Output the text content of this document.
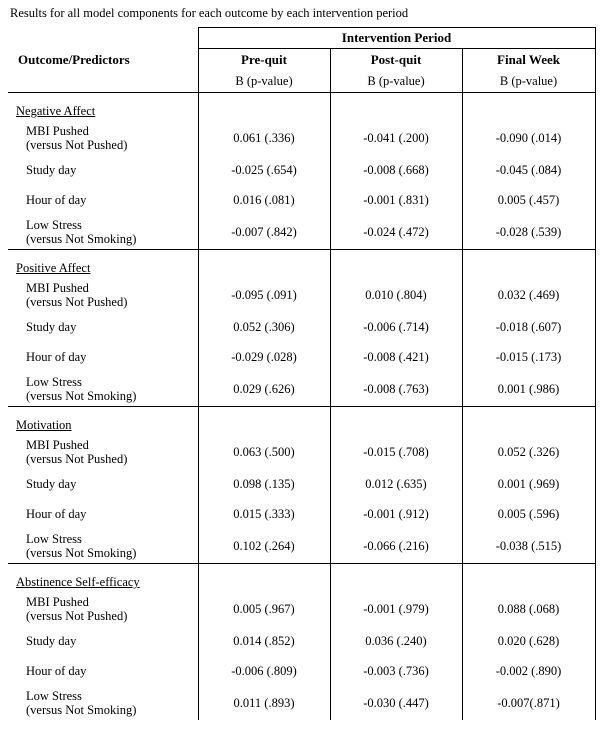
Results for all model components for each outcome by each intervention period
	Intervention Period		
Outcome/Predictors	Pre-quit	Post-quit	Final Week
	B (p-value)	B (p-value)	B (p-value)
Negative Affect			
MBI Pushed
(versus Not Pushed)	0.061 (.336)	-0.041 (.200)	-0.090 (.014)
Study day	-0.025 (.654)	-0.008 (.668)	-0.045 (.084)
Hour of day	0.016 (.081)	-0.001 (.831)	0.005 (.457)
Low Stress
(versus Not Smoking)	-0.007 (.842)	-0.024 (.472)	-0.028 (.539)
Positive Affect			
MBI Pushed
(versus Not Pushed)	-0.095 (.091)	0.010 (.804)	0.032 (.469)
Study day	0.052 (.306)	-0.006 (.714)	-0.018 (.607)
Hour of day	-0.029 (.028)	-0.008 (.421)	-0.015 (.173)
Low Stress
(versus Not Smoking)	0.029 (.626)	-0.008 (.763)	0.001 (.986)
Motivation			
MBI Pushed
(versus Not Pushed)	0.063 (.500)	-0.015 (.708)	0.052 (.326)
Study day	0.098 (.135)	0.012 (.635)	0.001 (.969)
Hour of day	0.015 (.333)	-0.001 (.912)	0.005 (.596)
Low Stress
(versus Not Smoking)	0.102 (.264)	-0.066 (.216)	-0.038 (.515)
Abstinence Self-efficacy			
MBI Pushed
(versus Not Pushed)	0.005 (.967)	-0.001 (.979)	0.088 (.068)
Study day	0.014 (.852)	0.036 (.240)	0.020 (.628)
Hour of day	-0.006 (.809)	-0.003 (.736)	-0.002 (.890)
Low Stress
(versus Not Smoking)	0.011 (.893)	-0.030 (.447)	-0.007(.871)
